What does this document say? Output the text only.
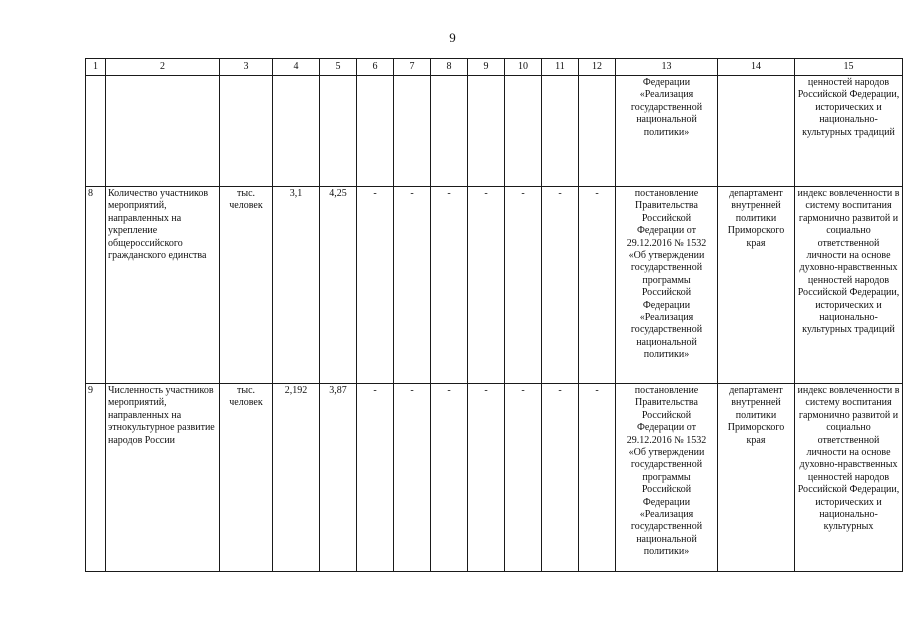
9
1	2	3	4	5	6	7	8	9	10	11	12	13	14	15
												Федерации «Реализация государственной национальной политики»		ценностей народов Российской Федерации, исторических и национально-культурных традиций
8	Количество участников мероприятий, направленных на укрепление общероссийского гражданского единства	тыс. человек	3,1	4,25	-	-	-	-	-	-	-	постановление Правительства Российской Федерации от 29.12.2016 № 1532 «Об утверждении государственной программы Российской Федерации «Реализация государственной национальной политики»	департамент внутренней политики Приморского края	индекс вовлеченности в систему воспитания гармонично развитой и социально ответственной личности на основе духовно-нравственных ценностей народов Российской Федерации, исторических и национально-культурных традиций
9	Численность участников мероприятий, направленных на этнокультурное развитие народов России	тыс. человек	2,192	3,87	-	-	-	-	-	-	-	постановление Правительства Российской Федерации от 29.12.2016 № 1532 «Об утверждении государственной программы Российской Федерации «Реализация государственной национальной политики»	департамент внутренней политики Приморского края	индекс вовлеченности в систему воспитания гармонично развитой и социально ответственной личности на основе духовно-нравственных ценностей народов Российской Федерации, исторических и национально-культурных
